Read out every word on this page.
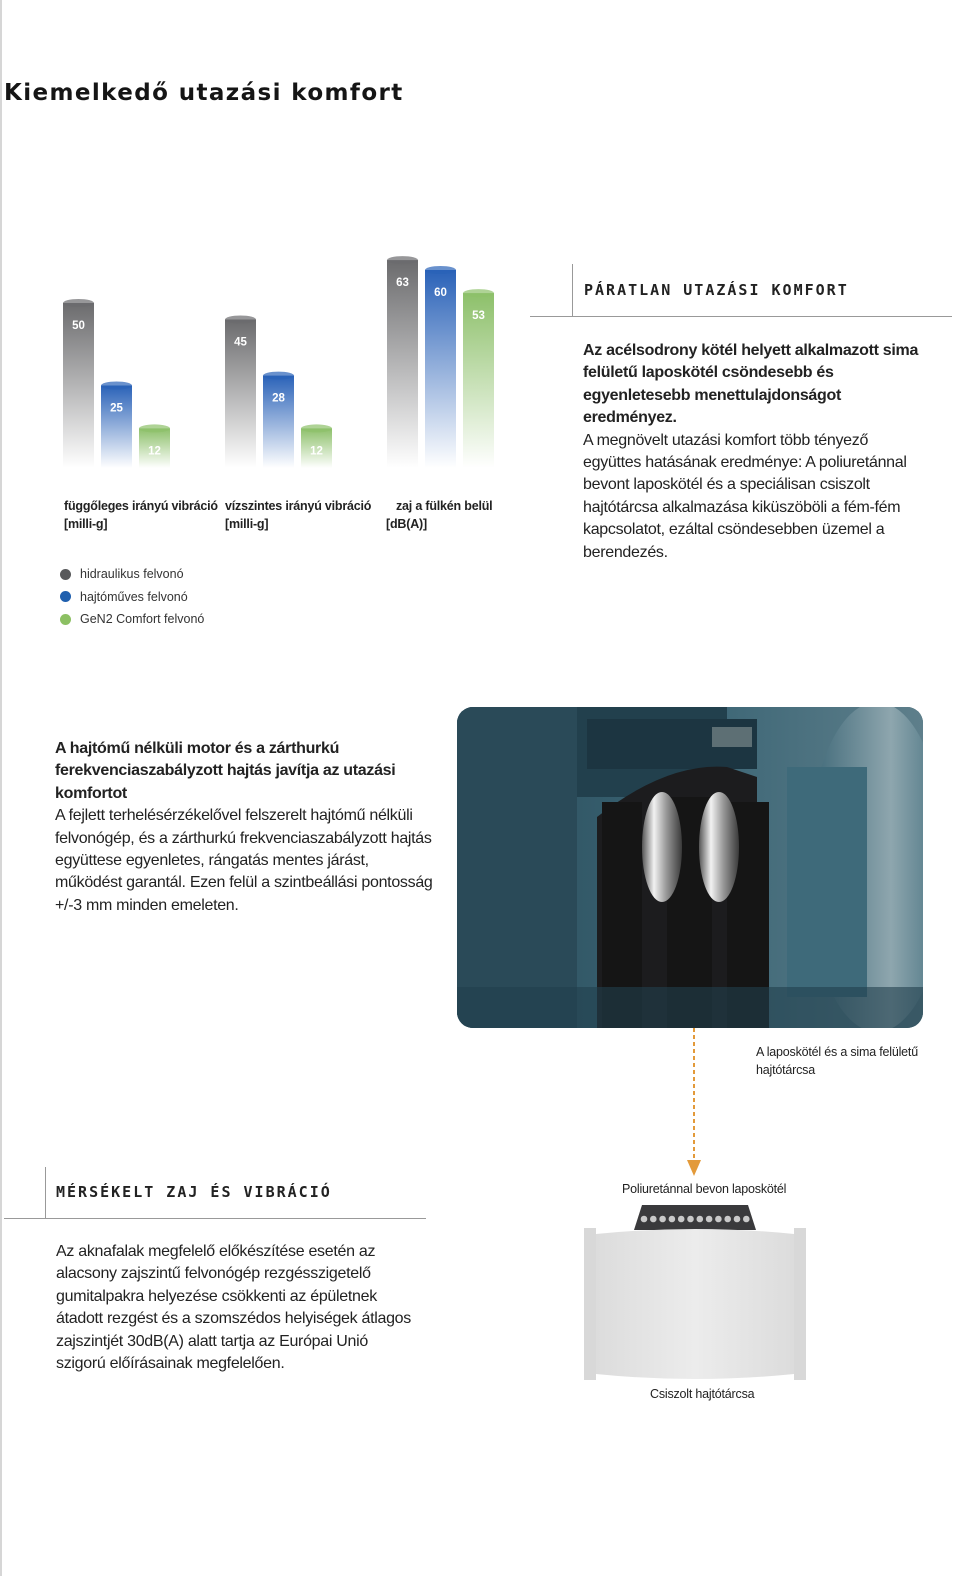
Kiemelkedő utazási komfort
50
45
63
25
28
60
12	12
53
függőleges irányú vibráció
[milli-g]
vízszintes irányú vibráció
[milli-g]
zaj a fülkén belül
[dB(A)]
hidraulikus felvonó
hajtóműves felvonó
GeN2 Comfort felvonó
PÁRATLAN UTAZÁSI KOMFORT
Az acélsodrony kötél helyett alkalmazott sima felületű laposkötél csöndesebb és egyenletesebb menettulajdonságot eredményez.
A megnövelt utazási komfort több tényező együttes hatásának eredménye: A poliuretánnal bevont laposkötél és a speciálisan csiszolt hajtótárcsa alkalmazása kiküszöböli a fém-fém kapcsolatot, ezáltal csöndesebben üzemel a berendezés.
A hajtómű nélküli motor és a zárthurkú ferekvenciaszabályzott hajtás javítja az utazási komfortot
A fejlett terhelésérzékelővel felszerelt hajtómű nélküli felvonógép, és a zárthurkú frekvenciaszabályzott hajtás együttese egyenletes, rángatás mentes járást, működést garantál. Ezen felül a szintbeállási pontosság +/-3 mm minden emeleten.
A laposkötél és a sima felületű hajtótárcsa
MÉRSÉKELT ZAJ ÉS VIBRÁCIÓ
Az aknafalak megfelelő előkészítése esetén az alacsony zajszintű felvonógép rezgésszigetelő gumitalpakra helyezése csökkenti az épületnek átadott rezgést és a szomszédos helyiségek átlagos zajszintjét 30dB(A) alatt tartja az Európai Unió szigorú előírásainak megfelelően.
Poliuretánnal bevon laposkötél
Csiszolt hajtótárcsa
